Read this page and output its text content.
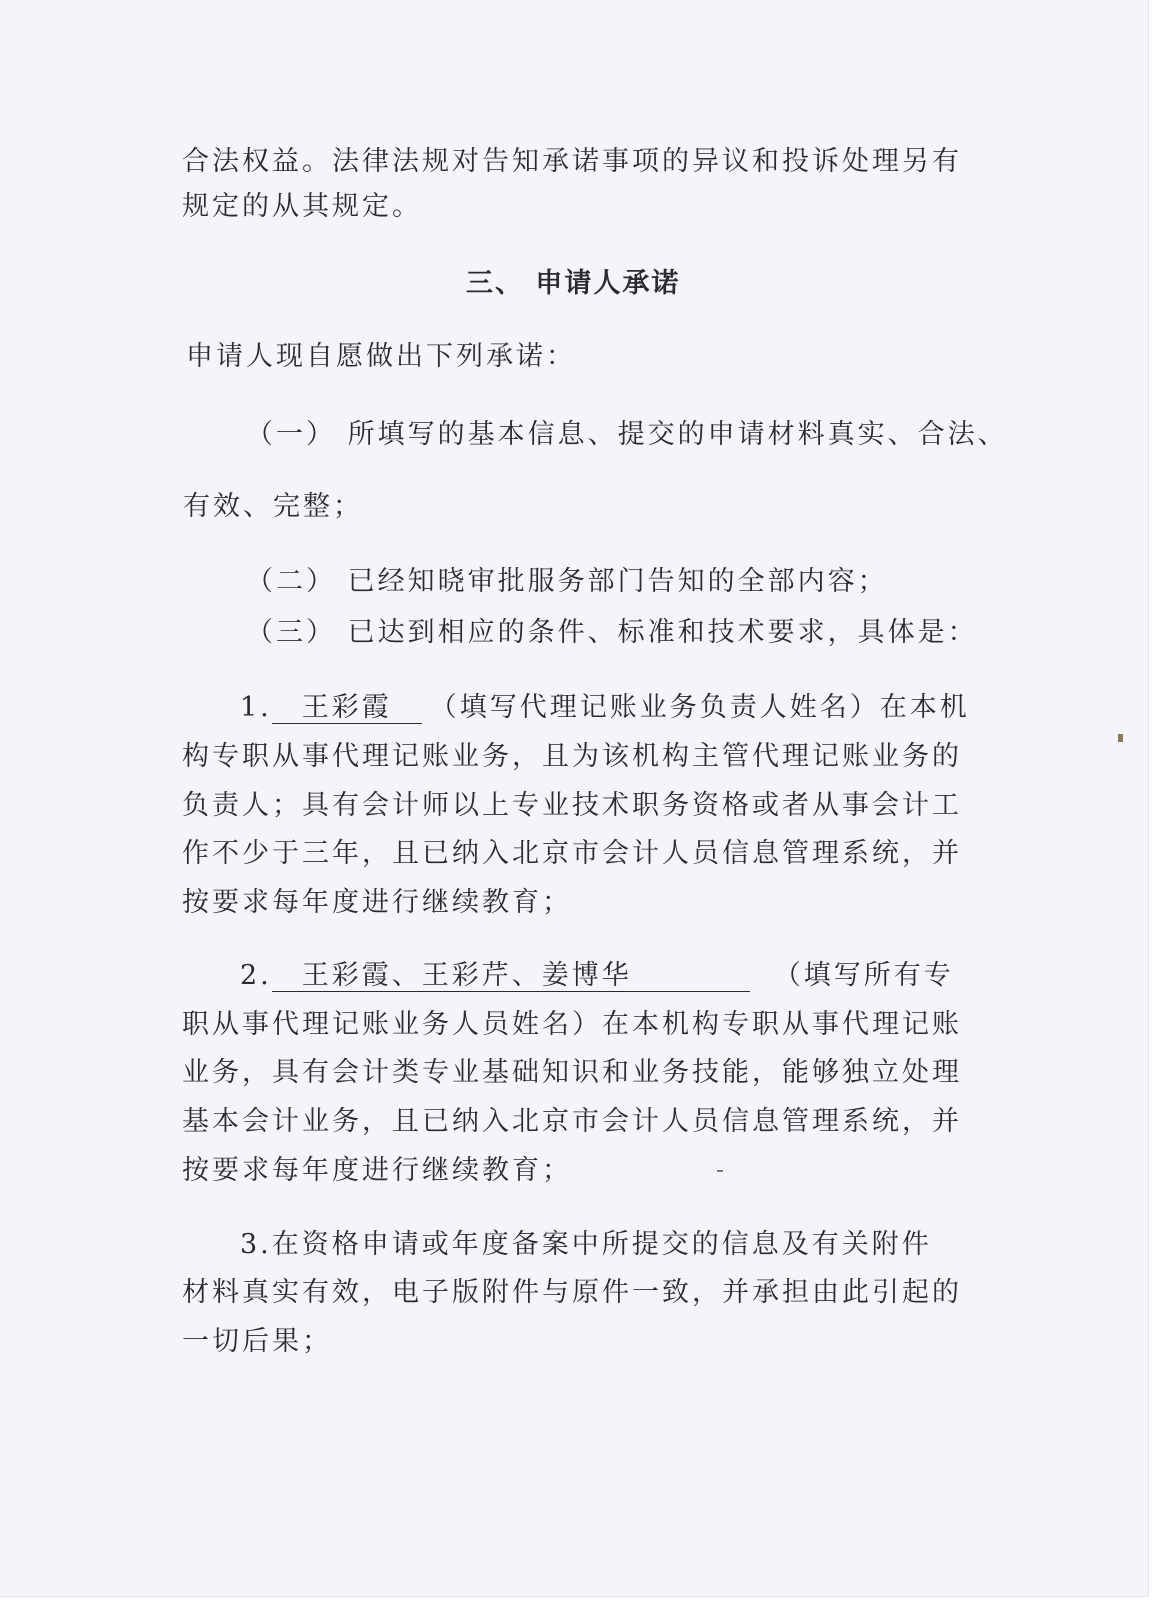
合法权益。法律法规对告知承诺事项的异议和投诉处理另有
规定的从其规定。
三、 申请人承诺
申请人现自愿做出下列承诺：
（一） 所填写的基本信息、提交的申请材料真实、合法、
有效、完整；
（二） 已经知晓审批服务部门告知的全部内容；
（三） 已达到相应的条件、标准和技术要求，具体是：
1. 王彩霞 （填写代理记账业务负责人姓名）在本机
构专职从事代理记账业务，且为该机构主管代理记账业务的
负责人；具有会计师以上专业技术职务资格或者从事会计工
作不少于三年，且已纳入北京市会计人员信息管理系统，并
按要求每年度进行继续教育；
2. 王彩霞、王彩芹、姜博华	（填写所有专
职从事代理记账业务人员姓名）在本机构专职从事代理记账
业务，具有会计类专业基础知识和业务技能，能够独立处理
基本会计业务，且已纳入北京市会计人员信息管理系统，并
按要求每年度进行继续教育；
3.在资格申请或年度备案中所提交的信息及有关附件
材料真实有效，电子版附件与原件一致，并承担由此引起的
一切后果；
